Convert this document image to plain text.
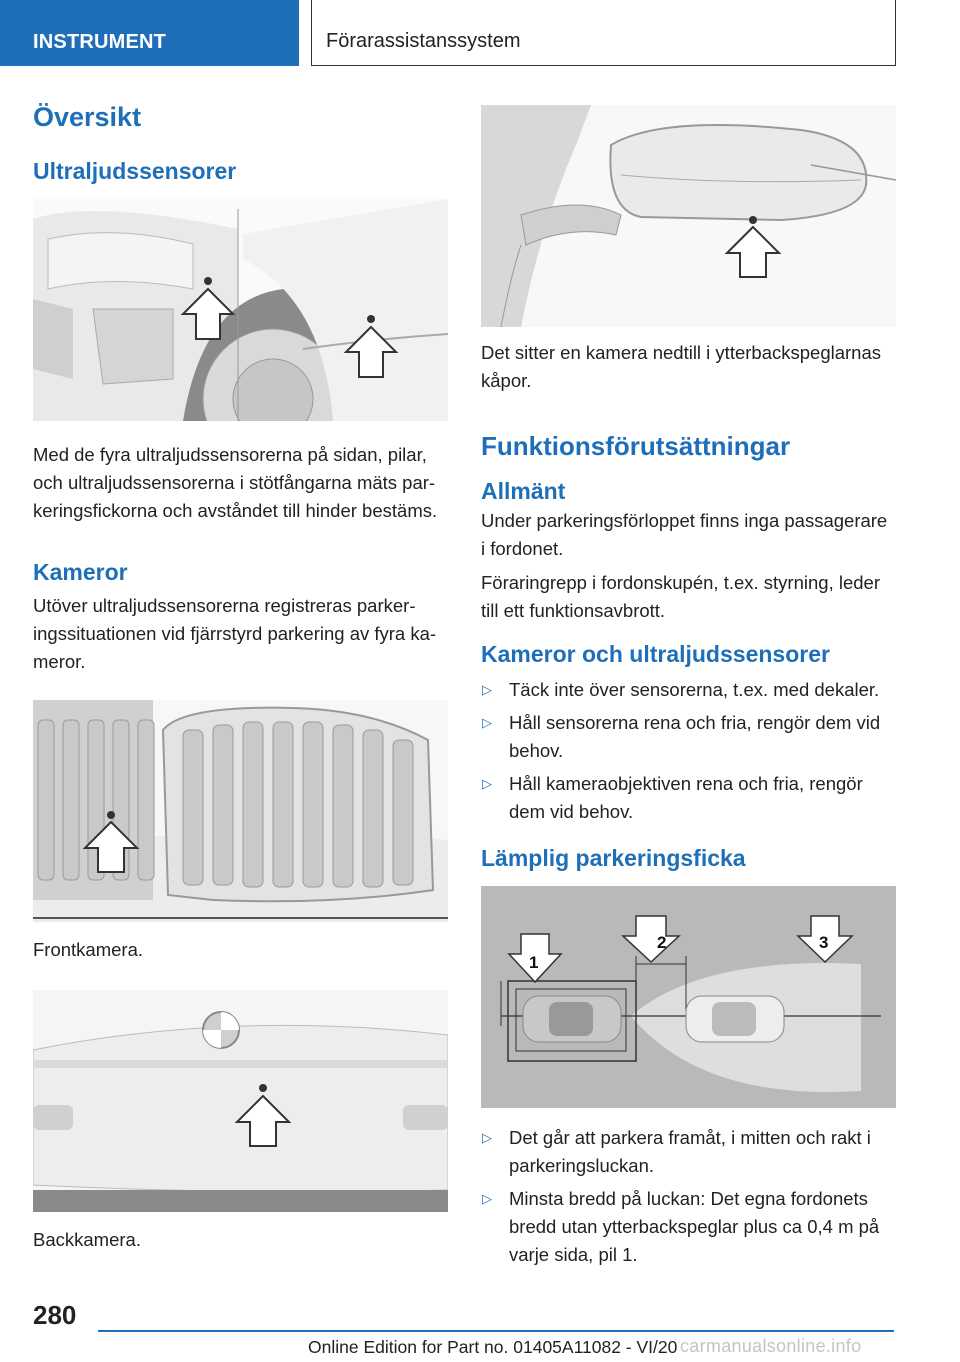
INSTRUMENT	Förarassistanssystem
Översikt
Ultraljudssensorer

Med de fyra ultraljudssensorerna på sidan, pilar, och ultraljudssensorerna i stötfångarna mäts parkeringsfickorna och avståndet till hinder bestäms.

Kameror

Utöver ultraljudssensorerna registreras parkeringssituationen vid fjärrstyrd parkering av fyra kameror.

Frontkamera.

Backkamera.

Det sitter en kamera nedtill i ytterbackspeglarnas kåpor.

Funktionsförutsättningar
Allmänt

Under parkeringsförloppet finns inga passagerare i fordonet.

Föraringrepp i fordonskupén, t.ex. styrning, leder till ett funktionsavbrott.

Kameror och ultraljudssensorer
▷ Täck inte över sensorerna, t.ex. med dekaler.
▷ Håll sensorerna rena och fria, rengör dem vid behov.
▷ Håll kameraobjektiven rena och fria, rengör dem vid behov.
Lämplig parkeringsficka
1
2	3
▷ Det går att parkera framåt, i mitten och rakt i parkeringsluckan.
▷ Minsta bredd på luckan: Det egna fordonets bredd utan ytterbackspeglar plus ca 0,4 m på varje sida, pil 1.
280
Online Edition for Part no. 01405A11082 - VI/20 carmanualsonline.info
